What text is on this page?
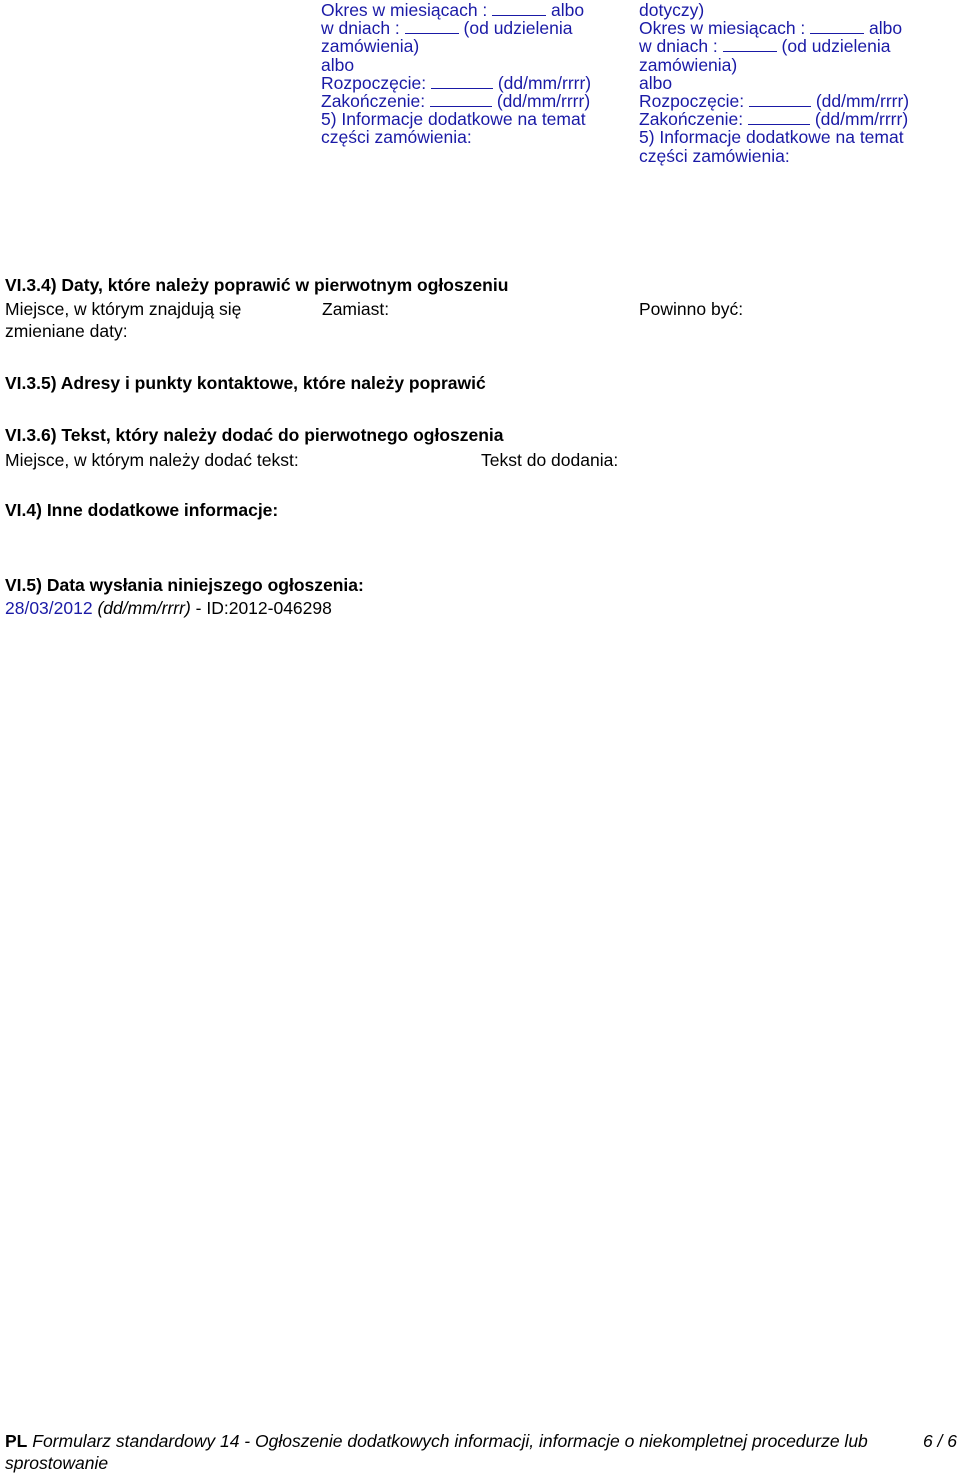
Okres w miesiącach :	albo
w dniach :	(od udzielenia
zamówienia)
albo
Rozpoczęcie:	(dd/mm/rrrr)
Zakończenie:	(dd/mm/rrrr)
5) Informacje dodatkowe na temat
części zamówienia:
dotyczy)
Okres w miesiącach :	albo
w dniach :	(od udzielenia
zamówienia)
albo
Rozpoczęcie:	(dd/mm/rrrr)
Zakończenie:	(dd/mm/rrrr)
5) Informacje dodatkowe na temat
części zamówienia:
VI.3.4) Daty, które należy poprawić w pierwotnym ogłoszeniu
Miejsce, w którym znajdują się
zmieniane daty:
Zamiast:	Powinno być:
VI.3.5) Adresy i punkty kontaktowe, które należy poprawić
VI.3.6) Tekst, który należy dodać do pierwotnego ogłoszenia
Miejsce, w którym należy dodać tekst:	Tekst do dodania:
VI.4) Inne dodatkowe informacje:
VI.5) Data wysłania niniejszego ogłoszenia:
28/03/2012 (dd/mm/rrrr) - ID:2012-046298
PL Formularz standardowy 14 - Ogłoszenie dodatkowych informacji, informacje o niekompletnej procedurze lub
sprostowanie
6 / 6
